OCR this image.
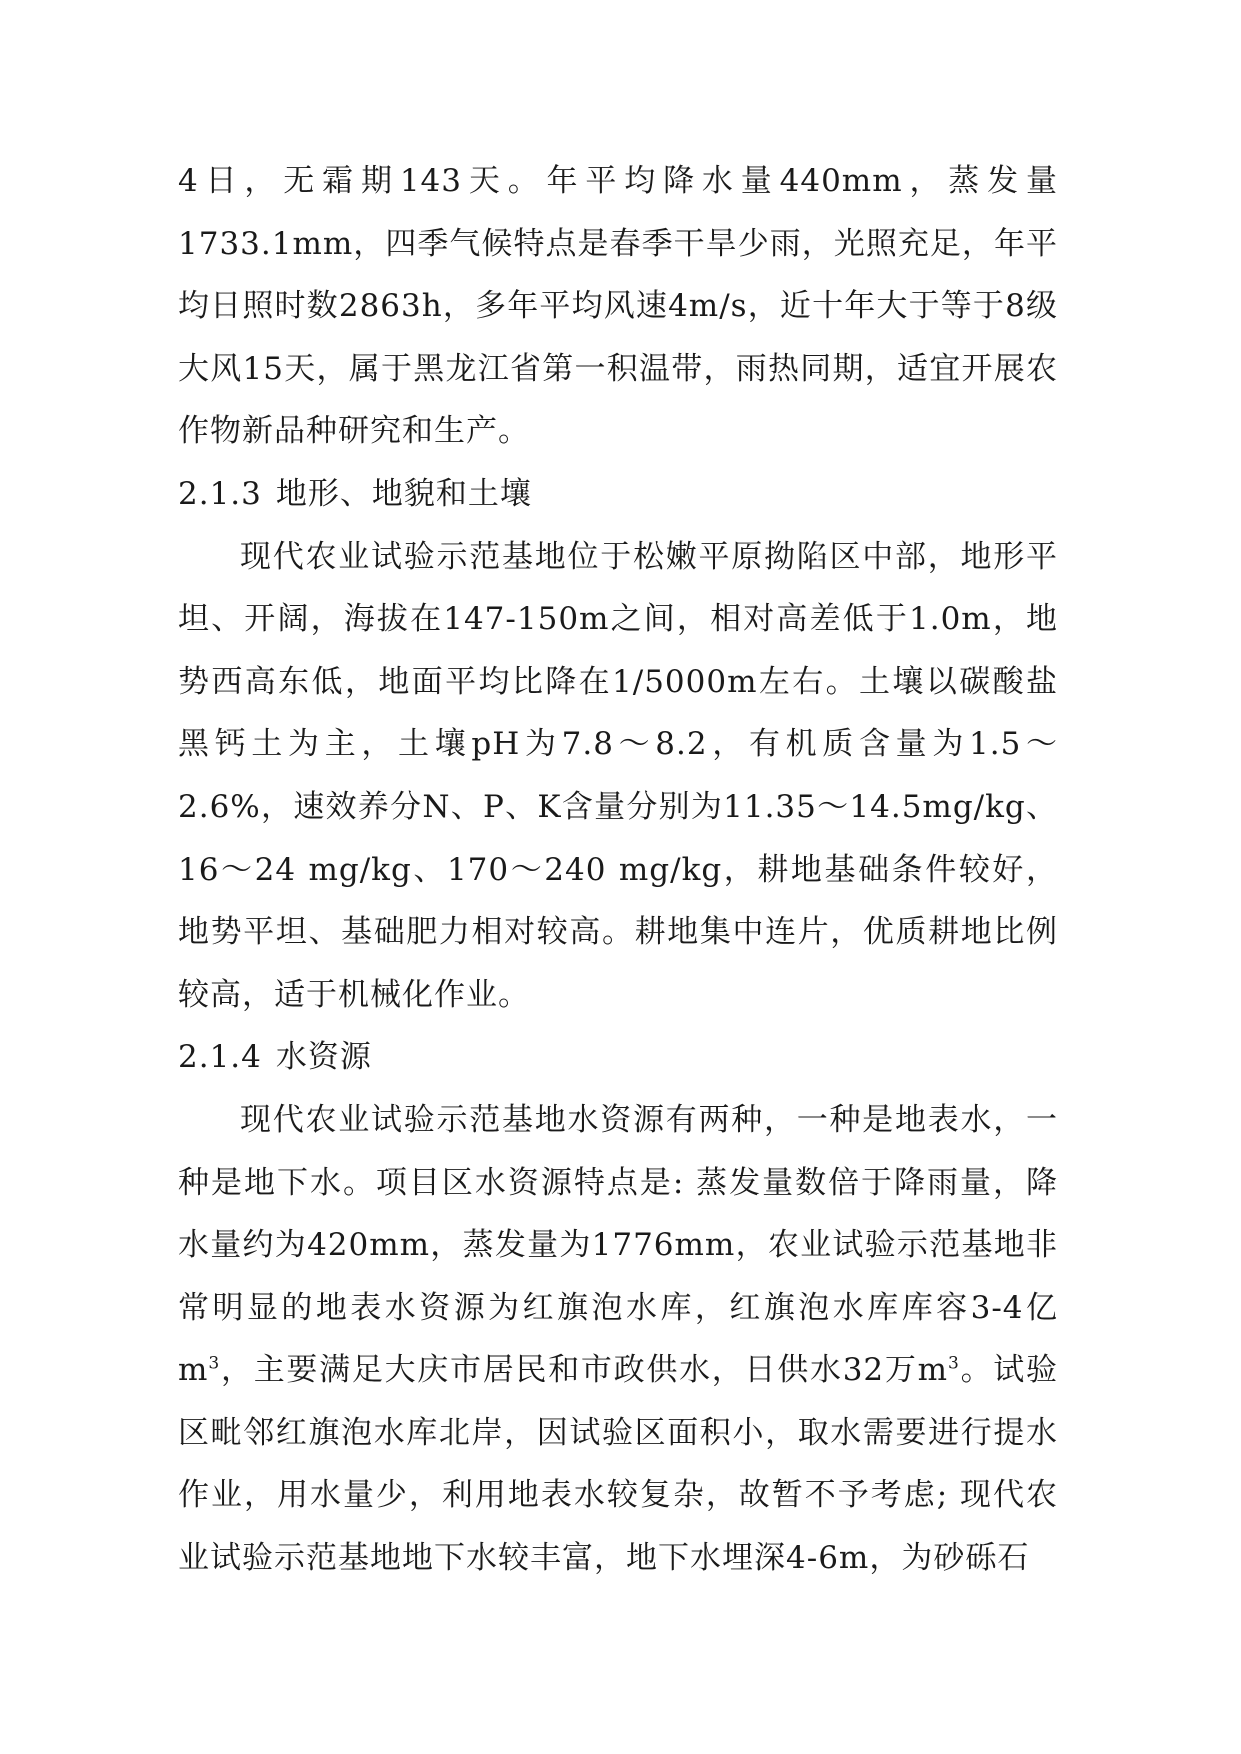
4日，无霜期143天。年平均降水量440mm，蒸发量1733.1mm，四季气候特点是春季干旱少雨，光照充足，年平均日照时数2863h，多年平均风速4m/s，近十年大于等于8级大风15天，属于黑龙江省第一积温带，雨热同期，适宜开展农作物新品种研究和生产。

2.1.3 地形、地貌和土壤

现代农业试验示范基地位于松嫩平原拗陷区中部，地形平坦、开阔，海拔在147-150m之间，相对高差低于1.0m，地势西高东低，地面平均比降在1/5000m左右。土壤以碳酸盐黑钙土为主，土壤pH为7.8～8.2，有机质含量为1.5～2.6%，速效养分N、P、K含量分别为11.35～14.5mg/kg、16～24 mg/kg、170～240 mg/kg，耕地基础条件较好，地势平坦、基础肥力相对较高。耕地集中连片，优质耕地比例较高，适于机械化作业。

2.1.4 水资源

现代农业试验示范基地水资源有两种，一种是地表水，一种是地下水。项目区水资源特点是: 蒸发量数倍于降雨量，降水量约为420mm，蒸发量为1776mm，农业试验示范基地非常明显的地表水资源为红旗泡水库，红旗泡水库库容3-4亿$m^3$，主要满足大庆市居民和市政供水，日供水32万$m^3$。试验区毗邻红旗泡水库北岸，因试验区面积小，取水需要进行提水作业，用水量少，利用地表水较复杂，故暂不予考虑; 现代农业试验示范基地地下水较丰富，地下水埋深4-6m，为砂砾石
